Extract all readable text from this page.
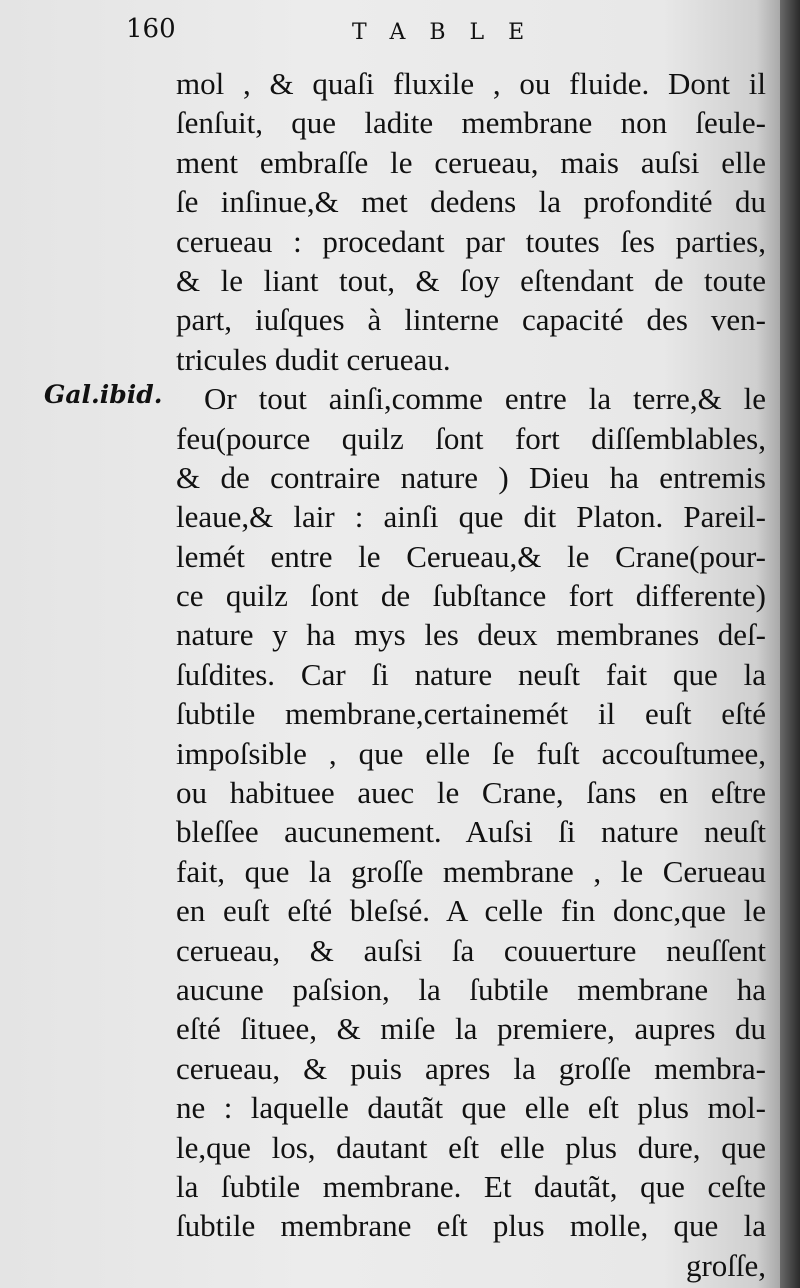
160	TABLE
Gal.ibid.
mol , & quaſi fluxile , ou fluide. Dont il
ſenſuit, que ladite membrane non ſeule-
ment embraſſe le cerueau, mais auſsi elle
ſe inſinue,& met dedens la profondité du
cerueau : procedant par toutes ſes parties,
& le liant tout, & ſoy eſtendant de toute
part, iuſques à linterne capacité des ven-
tricules dudit cerueau.
Or tout ainſi,comme entre la terre,& le
feu(pource quilz ſont fort diſſemblables,
& de contraire nature ) Dieu ha entremis
leaue,& lair : ainſi que dit Platon. Pareil-
lemét entre le Cerueau,& le Crane(pour-
ce quilz ſont de ſubſtance fort differente)
nature y ha mys les deux membranes deſ-
ſuſdites. Car ſi nature neuſt fait que la
ſubtile membrane,certainemét il euſt eſté
impoſsible , que elle ſe fuſt accouſtumee,
ou habituee auec le Crane, ſans en eſtre
bleſſee aucunement. Auſsi ſi nature neuſt
fait, que la groſſe membrane , le Cerueau
en euſt eſté bleſsé. A celle fin donc,que le
cerueau, & auſsi ſa couuerture neuſſent
aucune paſsion, la ſubtile membrane ha
eſté ſituee, & miſe la premiere, aupres du
cerueau, & puis apres la groſſe membra-
ne : laquelle dautãt que elle eſt plus mol-
le,que los, dautant eſt elle plus dure, que
la ſubtile membrane. Et dautãt, que ceſte
ſubtile membrane eſt plus molle, que la
groſſe,
